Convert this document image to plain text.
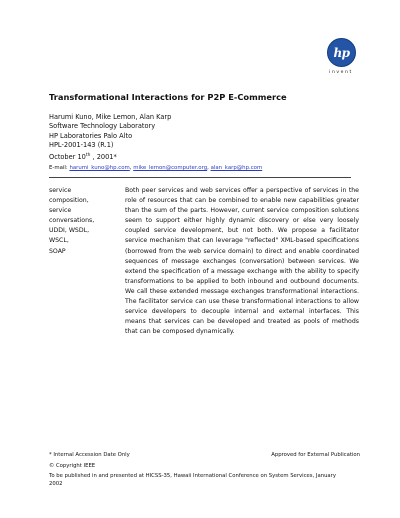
hp
invent
Transformational Interactions for P2P E-Commerce
Harumi Kuno, Mike Lemon, Alan Karp
Software Technology Laboratory
HP Laboratories Palo Alto
HPL-2001-143 (R.1)
October 10th , 2001*
E-mail: harumi_kuno@hp.com, mike_lemon@computer.org, alan_karp@hp.com
service
composition,
service
conversations,
UDDI, WSDL,
WSCL,
SOAP

Both peer services and web services offer a perspective of services in the role of resources that can be combined to enable new capabilities greater than the sum of the parts. However, current service composition solutions seem to support either highly dynamic discovery or else very loosely coupled service development, but not both. We propose a facilitator service mechanism that can leverage "reflected" XML-based specifications (borrowed from the web service domain) to direct and enable coordinated sequences of message exchanges (conversation) between services. We extend the specification of a message exchange with the ability to specify transformations to be applied to both inbound and outbound documents. We call these extended message exchanges transformational interactions. The facilitator service can use these transformational interactions to allow service developers to decouple internal and external interfaces. This means that services can be developed and treated as pools of methods that can be composed dynamically.

* Internal Accession Date Only	Approved for External Publication
© Copyright IEEE
To be published in and presented at HICSS-35, Hawaii International Conference on System Services, January 2002
